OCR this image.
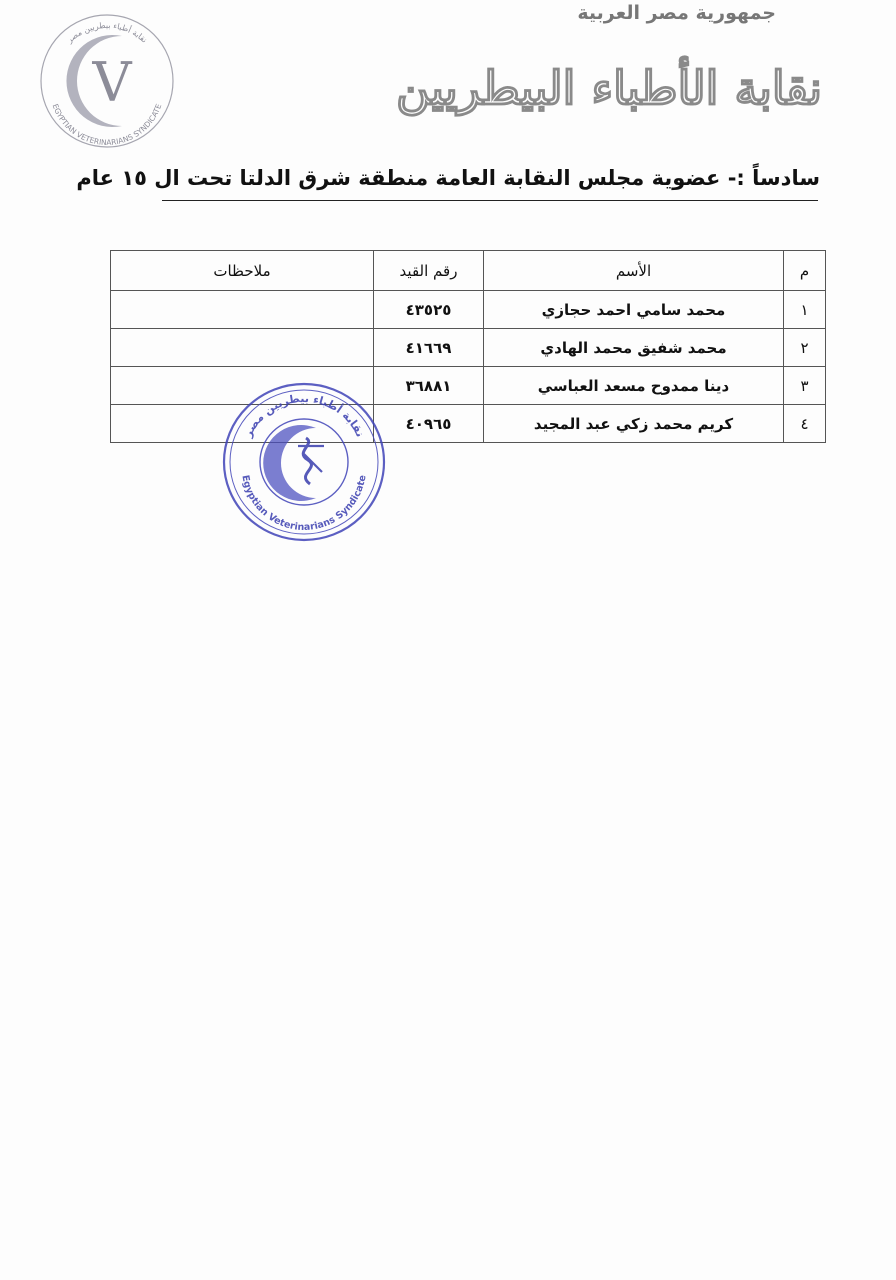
V
EGYPTIAN VETERINARIANS SYNDICATE
نقابة أطباء بيطريين مصر
جمهورية مصر العربية
نقابة الأطباء البيطريين
سادساً :- عضوية مجلس النقابة العامة منطقة شرق الدلتا تحت ال ١٥ عام
م	الأسم	رقم القيد	ملاحظات
١	محمد سامي احمد حجازي	٤٣٥٢٥	
٢	محمد شفيق محمد الهادي	٤١٦٦٩	
٣	دينا ممدوح مسعد العباسي	٣٦٨٨١	
٤	كريم محمد زكي عبد المجيد	٤٠٩٦٥	
نقابة أطباء بيطريين مصر
Egyptian Veterinarians Syndicate
